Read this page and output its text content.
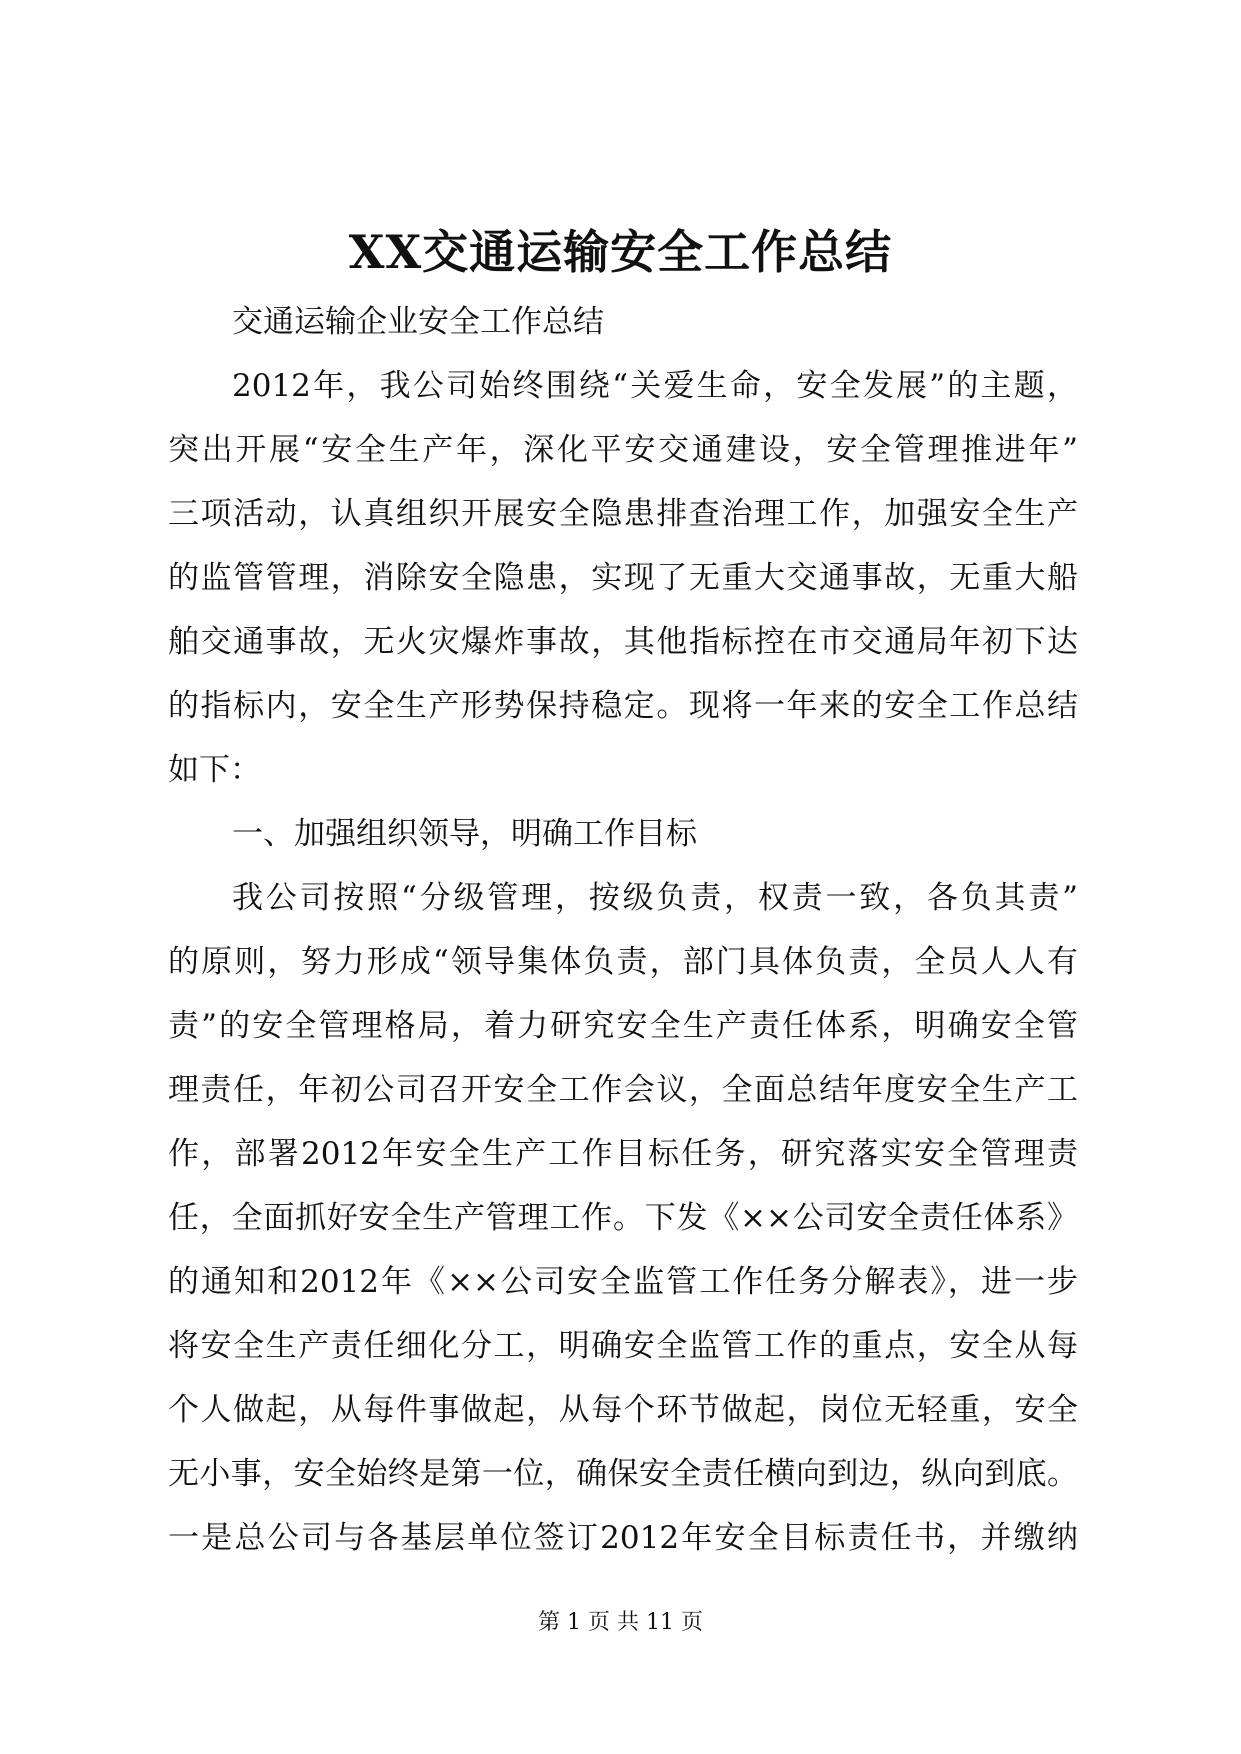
XX交通运输安全工作总结
交通运输企业安全工作总结
2012年，我公司始终围绕“关爱生命，安全发展”的主题，
突出开展“安全生产年，深化平安交通建设，安全管理推进年”
三项活动，认真组织开展安全隐患排查治理工作，加强安全生产
的监管管理，消除安全隐患，实现了无重大交通事故，无重大船
舶交通事故，无火灾爆炸事故，其他指标控在市交通局年初下达
的指标内，安全生产形势保持稳定。现将一年来的安全工作总结
如下：
一、加强组织领导，明确工作目标
我公司按照“分级管理，按级负责，权责一致，各负其责”
的原则，努力形成“领导集体负责，部门具体负责，全员人人有
责”的安全管理格局，着力研究安全生产责任体系，明确安全管
理责任，年初公司召开安全工作会议，全面总结年度安全生产工
作，部署2012年安全生产工作目标任务，研究落实安全管理责
任，全面抓好安全生产管理工作。下发《××公司安全责任体系》
的通知和2012年《××公司安全监管工作任务分解表》，进一步
将安全生产责任细化分工，明确安全监管工作的重点，安全从每
个人做起，从每件事做起，从每个环节做起，岗位无轻重，安全
无小事，安全始终是第一位，确保安全责任横向到边，纵向到底。
一是总公司与各基层单位签订2012年安全目标责任书，并缴纳
第 1 页 共 11 页
